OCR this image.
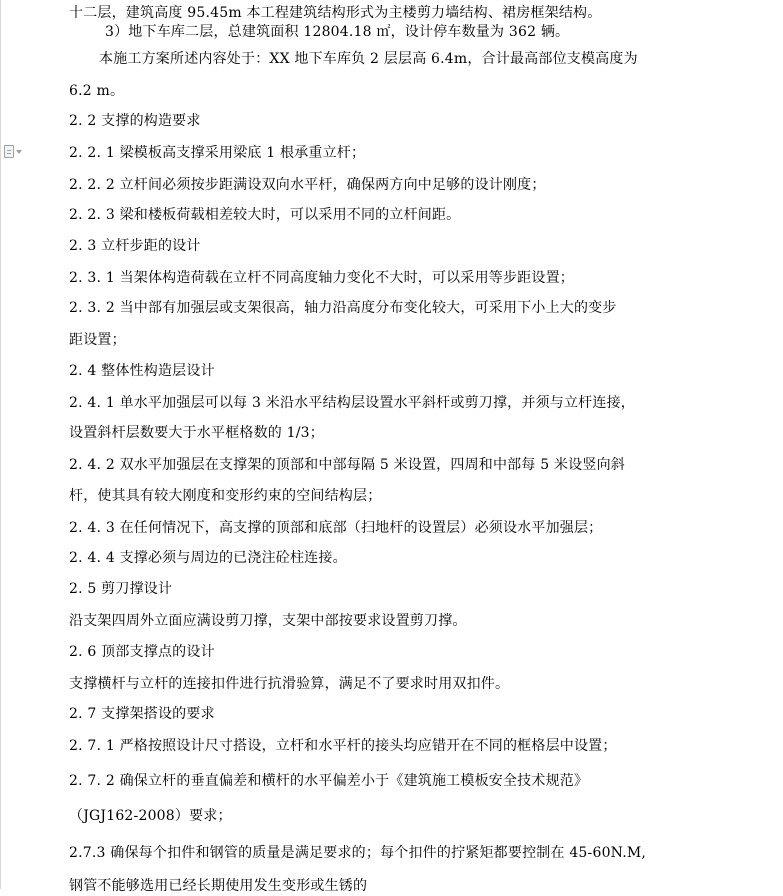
十二层，建筑高度 95.45m 本工程建筑结构形式为主楼剪力墙结构、裙房框架结构。
3）地下车库二层，总建筑面积 12804.18 ㎡，设计停车数量为 362 辆。
本施工方案所述内容处于：XX 地下车库负 2 层层高 6.4m，合计最高部位支模高度为
6.2 m。
2. 2 支撑的构造要求
2. 2. 1 梁模板高支撑采用梁底 1 根承重立杆；
2. 2. 2 立杆间必须按步距满设双向水平杆，确保两方向中足够的设计刚度；
2. 2. 3 梁和楼板荷载相差较大时，可以采用不同的立杆间距。
2. 3 立杆步距的设计
2. 3. 1 当架体构造荷载在立杆不同高度轴力变化不大时，可以采用等步距设置；
2. 3. 2 当中部有加强层或支架很高，轴力沿高度分布变化较大，可采用下小上大的变步
距设置；
2. 4 整体性构造层设计
2. 4. 1 单水平加强层可以每 3 米沿水平结构层设置水平斜杆或剪刀撑，并须与立杆连接，
设置斜杆层数要大于水平框格数的 1/3；
2. 4. 2 双水平加强层在支撑架的顶部和中部每隔 5 米设置，四周和中部每 5 米设竖向斜
杆，使其具有较大刚度和变形约束的空间结构层；
2. 4. 3 在任何情况下，高支撑的顶部和底部（扫地杆的设置层）必须设水平加强层；
2. 4. 4 支撑必须与周边的已浇注砼柱连接。
2. 5 剪刀撑设计
沿支架四周外立面应满设剪刀撑，支架中部按要求设置剪刀撑。
2. 6 顶部支撑点的设计
支撑横杆与立杆的连接扣件进行抗滑验算，满足不了要求时用双扣件。
2. 7 支撑架搭设的要求
2. 7. 1 严格按照设计尺寸搭设，立杆和水平杆的接头均应错开在不同的框格层中设置；
2. 7. 2 确保立杆的垂直偏差和横杆的水平偏差小于《建筑施工模板安全技术规范》
（JGJ162-2008）要求；
2.7.3 确保每个扣件和钢管的质量是满足要求的；每个扣件的拧紧矩都要控制在 45-60N.M,
钢管不能够选用已经长期使用发生变形或生锈的
